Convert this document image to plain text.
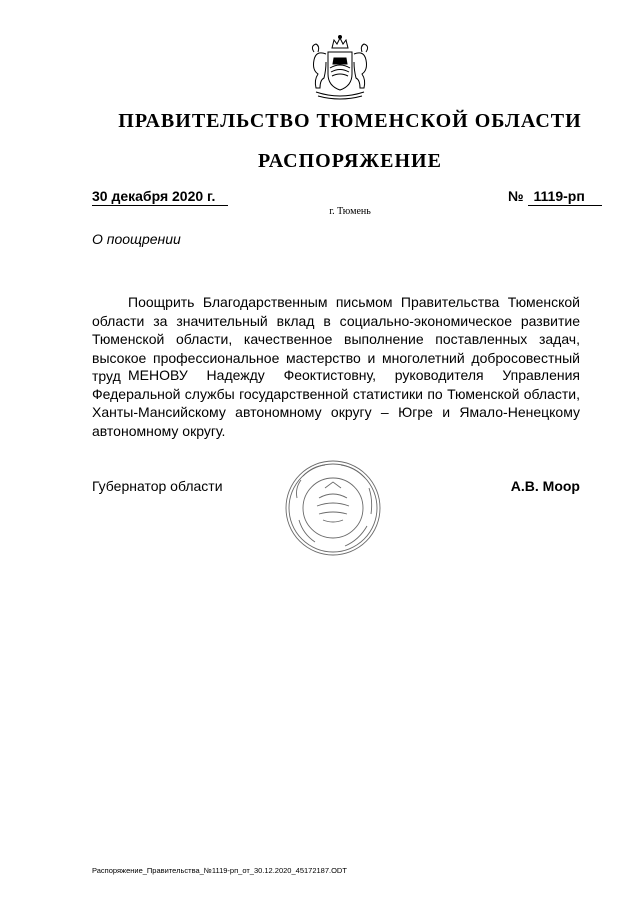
ПРАВИТЕЛЬСТВО ТЮМЕНСКОЙ ОБЛАСТИ
РАСПОРЯЖЕНИЕ
30 декабря 2020 г.	№ 1119-рп
г. Тюмень
О поощрении

Поощрить Благодарственным письмом Правительства Тюменской области за значительный вклад в социально-экономическое развитие Тюменской области, качественное выполнение поставленных задач, высокое профессиональное мастерство и многолетний добросовестный труд МЕНОВУ Надежду Феоктистовну, руководителя Управления Федеральной службы государственной статистики по Тюменской области, Ханты-Мансийскому автономному округу – Югре и Ямало-Ненецкому автономному округу.

Губернатор области	А.В. Моор
Распоряжение_Правительства_№1119-рп_от_30.12.2020_45172187.ODT
